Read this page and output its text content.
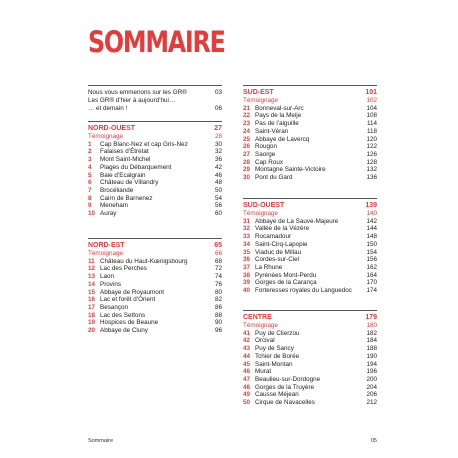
SOMMAIRE
Nous vous emmenons sur les GR®	03
Les GR® d’hier à aujourd’hui…
… et demain !	06
NORD-OUEST	27
Témoignage	28
1	Cap Blanc-Nez et cap Gris-Nez	30
2	Falaises d’Étretat	32
3	Mont Saint-Michel	36
4	Plages du Débarquement	42
5	Baie d’Ecalgrain	46
6	Château de Villandry	48
7	Brocéliande	50
8	Cairn de Barnenez	54
9	Meneham	56
10 Auray	60
NORD-EST	65
Témoignage	66
11 Château du Haut-Kœnigsbourg	68
12 Lac des Perches	72
13 Laon	74
14 Provins	76
15 Abbaye de Royaumont	80
16 Lac et forêt d’Orient	82
17 Besançon	86
18 Lac des Settons	88
19 Hospices de Beaune	90
20 Abbaye de Cluny	96
SUD-EST	101
Témoignage	102
21 Bonneval-sur-Arc	104
22 Pays de la Meije	108
23 Pas de l’aiguille	114
24 Saint-Véran	118
25 Abbaye de Lavercq	120
26 Rougon	122
27 Saorge	126
28 Cap Roux	128
29 Montagne Sainte-Victoire	132
30 Pont du Gard	136
SUD-OUEST	139
Témoignage	140
31 Abbaye de La Sauve-Majeure	142
32 Vallée de la Vézère	144
33 Rocamadour	148
34 Saint-Cirq-Lapopie	150
35 Viaduc de Millau	154
36 Cordes-sur-Ciel	156
37 La Rhune	162
38 Pyrénées Mont-Perdu	164
39 Gorges de la Carança	170
40 Forteresses royales du Languedoc 174
CENTRE	179
Témoignage	180
41 Puy de Clierzou	182
42 Orcival	184
43 Puy de Sancy	188
44 Tchier de Borée	190
45 Saint-Montan	194
46 Murat	196
47 Beaulieu-sur-Dordogne	200
48 Gorges de la Truyère	204
49 Causse Méjean	206
50 Cirque de Navacelles	212
Sommaire	05
